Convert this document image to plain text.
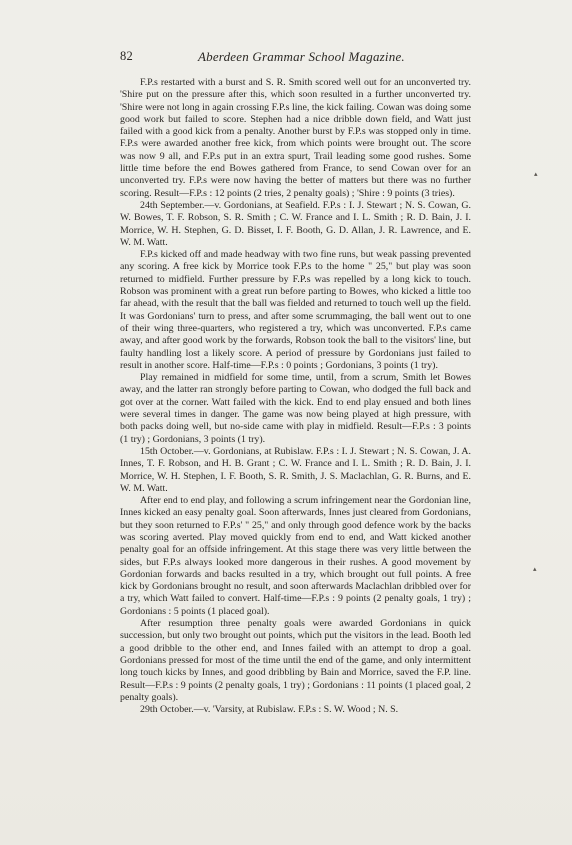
82	Aberdeen Grammar School Magazine.

F.P.s restarted with a burst and S. R. Smith scored well out for an unconverted try. 'Shire put on the pressure after this, which soon resulted in a further unconverted try. 'Shire were not long in again crossing F.P.s line, the kick failing. Cowan was doing some good work but failed to score. Stephen had a nice dribble down field, and Watt just failed with a good kick from a penalty. Another burst by F.P.s was stopped only in time. F.P.s were awarded another free kick, from which points were brought out. The score was now 9 all, and F.P.s put in an extra spurt, Trail leading some good rushes. Some little time before the end Bowes gathered from France, to send Cowan over for an unconverted try. F.P.s were now having the better of matters but there was no further scoring. Result—F.P.s : 12 points (2 tries, 2 penalty goals) ; 'Shire : 9 points (3 tries).

24th September.—v. Gordonians, at Seafield. F.P.s : I. J. Stewart ; N. S. Cowan, G. W. Bowes, T. F. Robson, S. R. Smith ; C. W. France and I. L. Smith ; R. D. Bain, J. I. Morrice, W. H. Stephen, G. D. Bisset, I. F. Booth, G. D. Allan, J. R. Lawrence, and E. W. M. Watt.

F.P.s kicked off and made headway with two fine runs, but weak passing prevented any scoring. A free kick by Morrice took F.P.s to the home " 25," but play was soon returned to midfield. Further pressure by F.P.s was repelled by a long kick to touch. Robson was prominent with a great run before parting to Bowes, who kicked a little too far ahead, with the result that the ball was fielded and returned to touch well up the field. It was Gordonians' turn to press, and after some scrummaging, the ball went out to one of their wing three-quarters, who registered a try, which was unconverted. F.P.s came away, and after good work by the forwards, Robson took the ball to the visitors' line, but faulty handling lost a likely score. A period of pressure by Gordonians just failed to result in another score. Half-time—F.P.s : 0 points ; Gordonians, 3 points (1 try).

Play remained in midfield for some time, until, from a scrum, Smith let Bowes away, and the latter ran strongly before parting to Cowan, who dodged the full back and got over at the corner. Watt failed with the kick. End to end play ensued and both lines were several times in danger. The game was now being played at high pressure, with both packs doing well, but no-side came with play in midfield. Result—F.P.s : 3 points (1 try) ; Gordonians, 3 points (1 try).

15th October.—v. Gordonians, at Rubislaw. F.P.s : I. J. Stewart ; N. S. Cowan, J. A. Innes, T. F. Robson, and H. B. Grant ; C. W. France and I. L. Smith ; R. D. Bain, J. I. Morrice, W. H. Stephen, I. F. Booth, S. R. Smith, J. S. Maclachlan, G. R. Burns, and E. W. M. Watt.

After end to end play, and following a scrum infringement near the Gordonian line, Innes kicked an easy penalty goal. Soon afterwards, Innes just cleared from Gordonians, but they soon returned to F.P.s' " 25," and only through good defence work by the backs was scoring averted. Play moved quickly from end to end, and Watt kicked another penalty goal for an offside infringement. At this stage there was very little between the sides, but F.P.s always looked more dangerous in their rushes. A good movement by Gordonian forwards and backs resulted in a try, which brought out full points. A free kick by Gordonians brought no result, and soon afterwards Maclachlan dribbled over for a try, which Watt failed to convert. Half-time—F.P.s : 9 points (2 penalty goals, 1 try) ; Gordonians : 5 points (1 placed goal).

After resumption three penalty goals were awarded Gordonians in quick succession, but only two brought out points, which put the visitors in the lead. Booth led a good dribble to the other end, and Innes failed with an attempt to drop a goal. Gordonians pressed for most of the time until the end of the game, and only intermittent long touch kicks by Innes, and good dribbling by Bain and Morrice, saved the F.P. line. Result—F.P.s : 9 points (2 penalty goals, 1 try) ; Gordonians : 11 points (1 placed goal, 2 penalty goals).

29th October.—v. 'Varsity, at Rubislaw. F.P.s : S. W. Wood ; N. S.

▴
▴
